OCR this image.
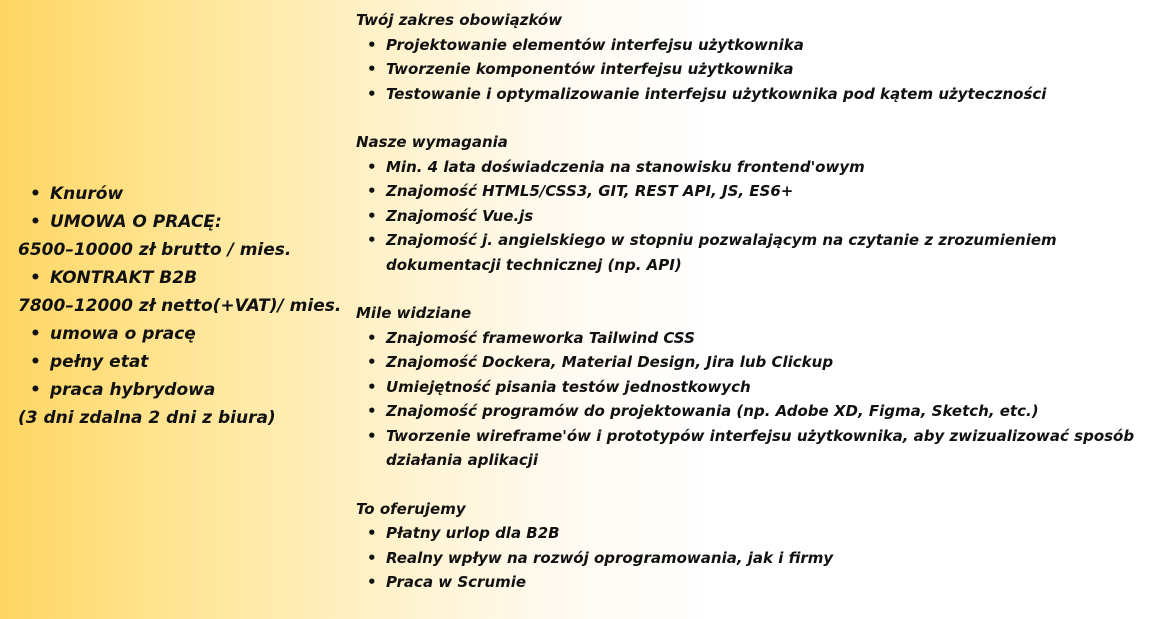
• Knurów
• UMOWA O PRACĘ:
6500–10000 zł brutto / mies.
• KONTRAKT B2B
7800–12000 zł netto(+VAT)/ mies.
• umowa o pracę
• pełny etat
• praca hybrydowa
(3 dni zdalna 2 dni z biura)
Twój zakres obowiązków
• Projektowanie elementów interfejsu użytkownika
• Tworzenie komponentów interfejsu użytkownika
• Testowanie i optymalizowanie interfejsu użytkownika pod kątem użyteczności
Nasze wymagania
• Min. 4 lata doświadczenia na stanowisku frontend'owym
• Znajomość HTML5/CSS3, GIT, REST API, JS, ES6+
• Znajomość Vue.js
• Znajomość j. angielskiego w stopniu pozwalającym na czytanie z zrozumieniem dokumentacji technicznej (np. API)
Mile widziane
• Znajomość frameworka Tailwind CSS
• Znajomość Dockera, Material Design, Jira lub Clickup
• Umiejętność pisania testów jednostkowych
• Znajomość programów do projektowania (np. Adobe XD, Figma, Sketch, etc.)
• Tworzenie wireframe'ów i prototypów interfejsu użytkownika, aby zwizualizować sposób działania aplikacji
To oferujemy
• Płatny urlop dla B2B
• Realny wpływ na rozwój oprogramowania, jak i firmy
• Praca w Scrumie
